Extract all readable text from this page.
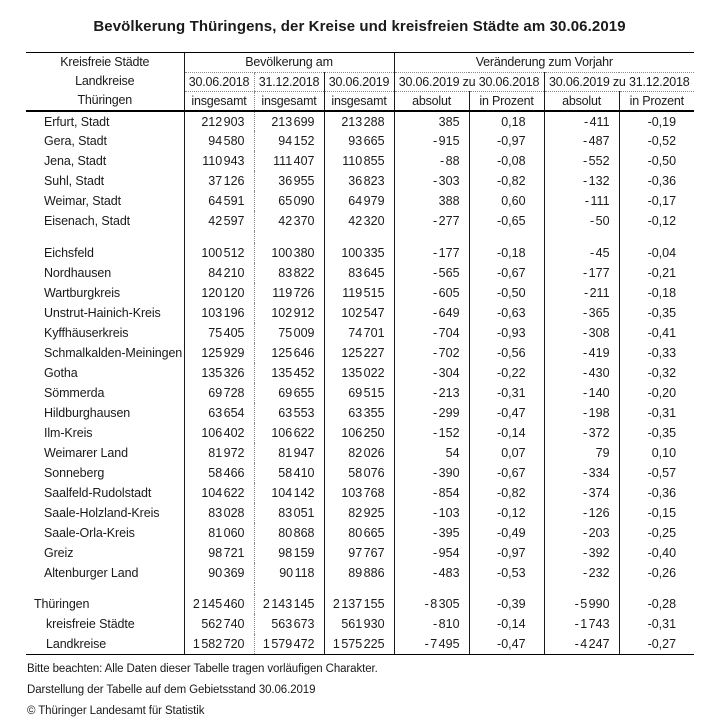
Bevölkerung Thüringens, der Kreise und kreisfreien Städte am 30.06.2019
Kreisfreie Städte
Landkreise
Thüringen	Bevölkerung am			Veränderung zum Vorjahr			
	30.06.2018	31.12.2018	30.06.2019	30.06.2019 zu 30.06.2018		30.06.2019 zu 31.12.2018	
	insgesamt	insgesamt	insgesamt	absolut	in Prozent	absolut	in Prozent
Erfurt, Stadt	212 903	213 699	213 288	385	0,18	- 411	-0,19
Gera, Stadt	94 580	94 152	93 665	- 915	-0,97	- 487	-0,52
Jena, Stadt	110 943	111 407	110 855	- 88	-0,08	- 552	-0,50
Suhl, Stadt	37 126	36 955	36 823	- 303	-0,82	- 132	-0,36
Weimar, Stadt	64 591	65 090	64 979	388	0,60	- 111	-0,17
Eisenach, Stadt	42 597	42 370	42 320	- 277	-0,65	- 50	-0,12

Eichsfeld	100 512	100 380	100 335	- 177	-0,18	- 45	-0,04
Nordhausen	84 210	83 822	83 645	- 565	-0,67	- 177	-0,21
Wartburgkreis	120 120	119 726	119 515	- 605	-0,50	- 211	-0,18
Unstrut-Hainich-Kreis	103 196	102 912	102 547	- 649	-0,63	- 365	-0,35
Kyffhäuserkreis	75 405	75 009	74 701	- 704	-0,93	- 308	-0,41
Schmalkalden-Meiningen	125 929	125 646	125 227	- 702	-0,56	- 419	-0,33
Gotha	135 326	135 452	135 022	- 304	-0,22	- 430	-0,32
Sömmerda	69 728	69 655	69 515	- 213	-0,31	- 140	-0,20
Hildburghausen	63 654	63 553	63 355	- 299	-0,47	- 198	-0,31
Ilm-Kreis	106 402	106 622	106 250	- 152	-0,14	- 372	-0,35
Weimarer Land	81 972	81 947	82 026	54	0,07	79	0,10
Sonneberg	58 466	58 410	58 076	- 390	-0,67	- 334	-0,57
Saalfeld-Rudolstadt	104 622	104 142	103 768	- 854	-0,82	- 374	-0,36
Saale-Holzland-Kreis	83 028	83 051	82 925	- 103	-0,12	- 126	-0,15
Saale-Orla-Kreis	81 060	80 868	80 665	- 395	-0,49	- 203	-0,25
Greiz	98 721	98 159	97 767	- 954	-0,97	- 392	-0,40
Altenburger Land	90 369	90 118	89 886	- 483	-0,53	- 232	-0,26

Thüringen	2 145 460	2 143 145	2 137 155	- 8 305	-0,39	- 5 990	-0,28
kreisfreie Städte	562 740	563 673	561 930	- 810	-0,14	- 1 743	-0,31
Landkreise	1 582 720	1 579 472	1 575 225	- 7 495	-0,47	- 4 247	-0,27

Bitte beachten: Alle Daten dieser Tabelle tragen vorläufigen Charakter.

Darstellung der Tabelle auf dem Gebietsstand 30.06.2019

© Thüringer Landesamt für Statistik
